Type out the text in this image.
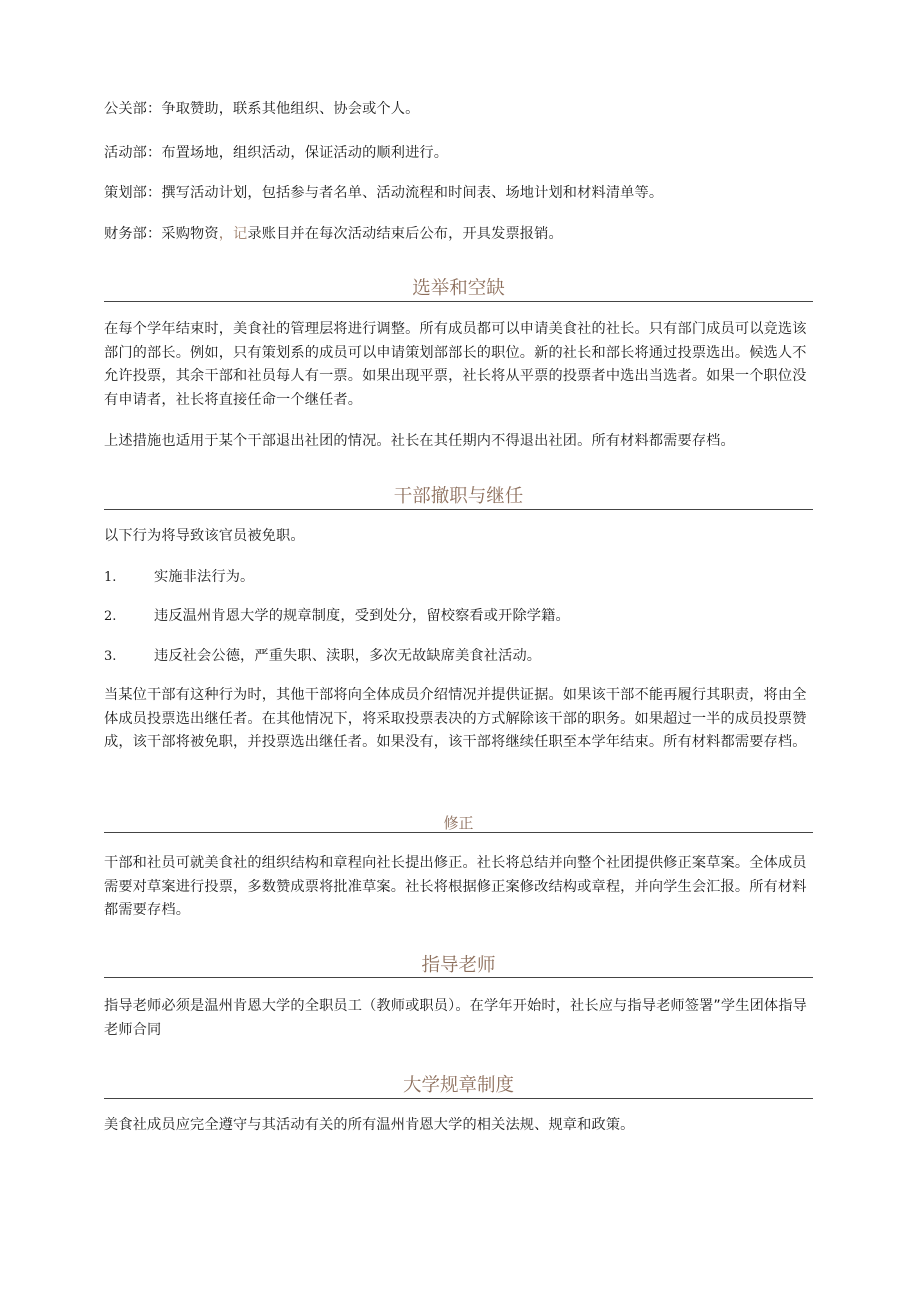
公关部：争取赞助，联系其他组织、协会或个人。

活动部：布置场地，组织活动，保证活动的顺利进行。

策划部：撰写活动计划，包括参与者名单、活动流程和时间表、场地计划和材料清单等。

财务部：采购物资，记录账目并在每次活动结束后公布，开具发票报销。

选举和空缺

在每个学年结束时，美食社的管理层将进行调整。所有成员都可以申请美食社的社长。只有部门成员可以竞选该部门的部长。例如，只有策划系的成员可以申请策划部部长的职位。新的社长和部长将通过投票选出。候选人不允许投票，其余干部和社员每人有一票。如果出现平票，社长将从平票的投票者中选出当选者。如果一个职位没有申请者，社长将直接任命一个继任者。

上述措施也适用于某个干部退出社团的情况。社长在其任期内不得退出社团。所有材料都需要存档。

干部撤职与继任

以下行为将导致该官员被免职。

1.	实施非法行为。
2.	违反温州肯恩大学的规章制度，受到处分，留校察看或开除学籍。
3.	违反社会公德，严重失职、渎职，多次无故缺席美食社活动。

当某位干部有这种行为时，其他干部将向全体成员介绍情况并提供证据。如果该干部不能再履行其职责，将由全体成员投票选出继任者。在其他情况下，将采取投票表决的方式解除该干部的职务。如果超过一半的成员投票赞成，该干部将被免职，并投票选出继任者。如果没有，该干部将继续任职至本学年结束。所有材料都需要存档。

修正

干部和社员可就美食社的组织结构和章程向社长提出修正。社长将总结并向整个社团提供修正案草案。全体成员需要对草案进行投票，多数赞成票将批准草案。社长将根据修正案修改结构或章程，并向学生会汇报。所有材料都需要存档。

指导老师

指导老师必须是温州肯恩大学的全职员工（教师或职员）。在学年开始时，社长应与指导老师签署”学生团体指导老师合同

大学规章制度

美食社成员应完全遵守与其活动有关的所有温州肯恩大学的相关法规、规章和政策。
